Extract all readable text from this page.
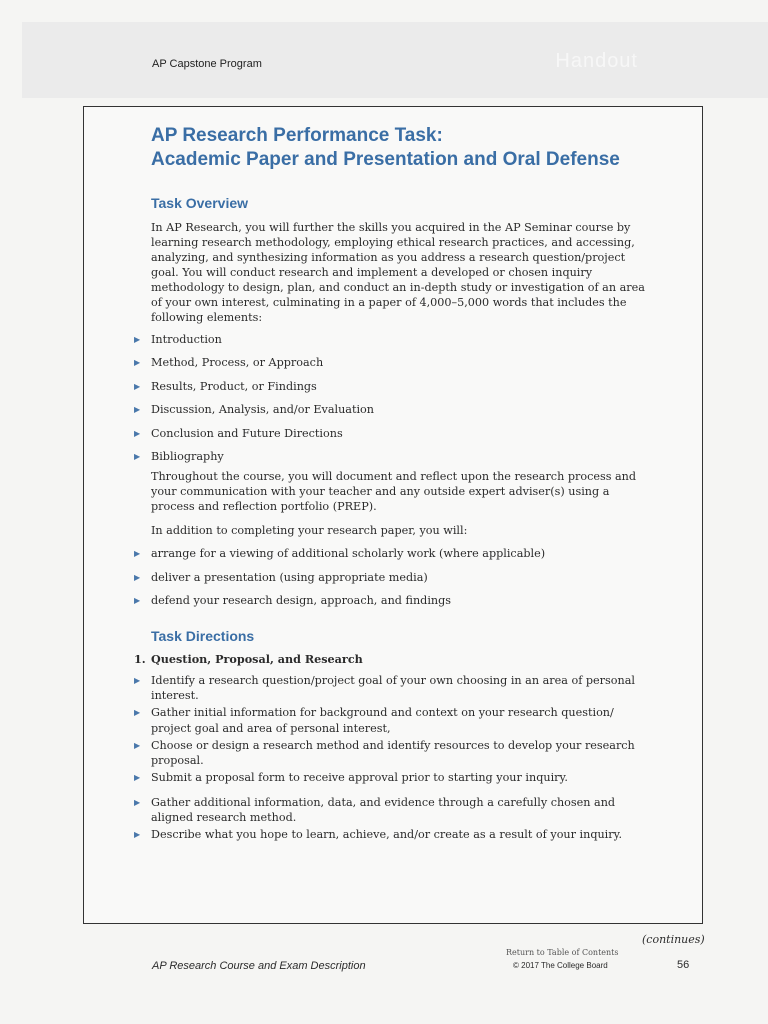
Handout
AP Capstone Program
AP Research Performance Task:
Academic Paper and Presentation and Oral Defense
Task Overview

In AP Research, you will further the skills you acquired in the AP Seminar course by learning research methodology, employing ethical research practices, and accessing, analyzing, and synthesizing information as you address a research question/project goal. You will conduct research and implement a developed or chosen inquiry methodology to design, plan, and conduct an in-depth study or investigation of an area of your own interest, culminating in a paper of 4,000–5,000 words that includes the following elements:

▶ Introduction
▶ Method, Process, or Approach
▶ Results, Product, or Findings
▶ Discussion, Analysis, and/or Evaluation
▶ Conclusion and Future Directions
▶ Bibliography

Throughout the course, you will document and reflect upon the research process and your communication with your teacher and any outside expert adviser(s) using a process and reflection portfolio (PREP).

In addition to completing your research paper, you will:

▶ arrange for a viewing of additional scholarly work (where applicable)
▶ deliver a presentation (using appropriate media)
▶ defend your research design, approach, and findings
Task Directions
1. Question, Proposal, and Research
▶ Identify a research question/project goal of your own choosing in an area of personal interest.
▶ Gather initial information for background and context on your research question/ project goal and area of personal interest,
▶ Choose or design a research method and identify resources to develop your research proposal.
▶ Submit a proposal form to receive approval prior to starting your inquiry.
▶ Gather additional information, data, and evidence through a carefully chosen and aligned research method.
▶ Describe what you hope to learn, achieve, and/or create as a result of your inquiry.
(continues)
Return to Table of Contents
AP Research Course and Exam Description	© 2017 The College Board	56
